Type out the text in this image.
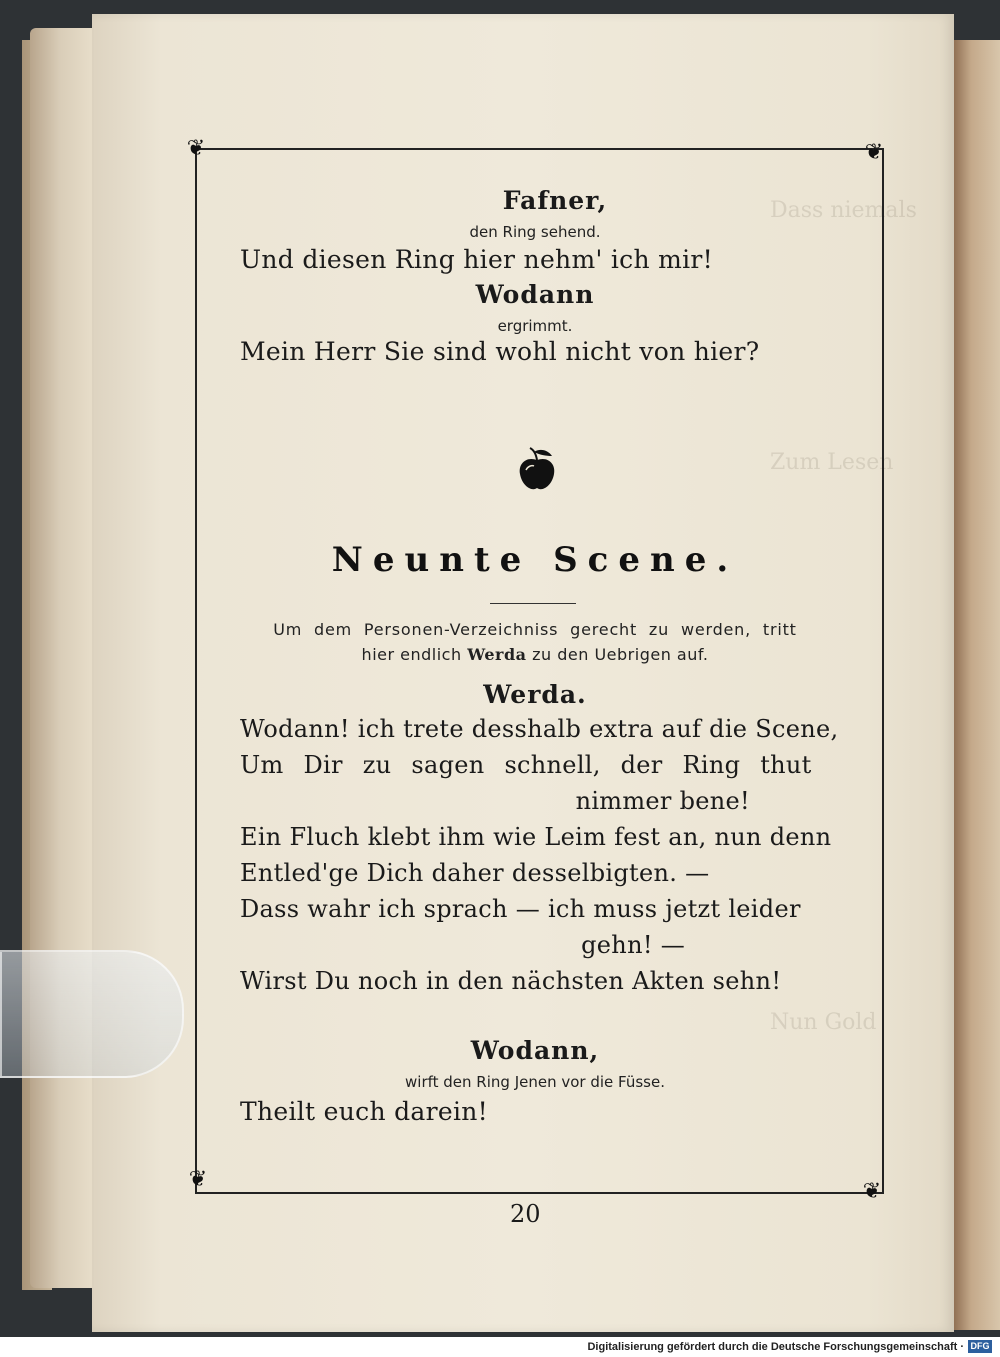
Dass niemals
Zum Lesen
Nun Gold
❦	❦
❦	❦
Fafner,
den Ring sehend.
Und diesen Ring hier nehm' ich mir!
Wodann
ergrimmt.
Mein Herr Sie sind wohl nicht von hier?
Neunte Scene.
Um dem Personen-Verzeichniss gerecht zu werden, tritt
hier endlich Werda zu den Uebrigen auf.
Werda.
Wodann! ich trete desshalb extra auf die Scene,
Um Dir zu sagen schnell, der Ring thut
nimmer bene!
Ein Fluch klebt ihm wie Leim fest an, nun denn
Entled'ge Dich daher desselbigten. —
Dass wahr ich sprach — ich muss jetzt leider
gehn! —
Wirst Du noch in den nächsten Akten sehn!
Wodann,
wirft den Ring Jenen vor die Füsse.
Theilt euch darein!
20
Digitalisierung gefördert durch die Deutsche Forschungsgemeinschaft · DFG
